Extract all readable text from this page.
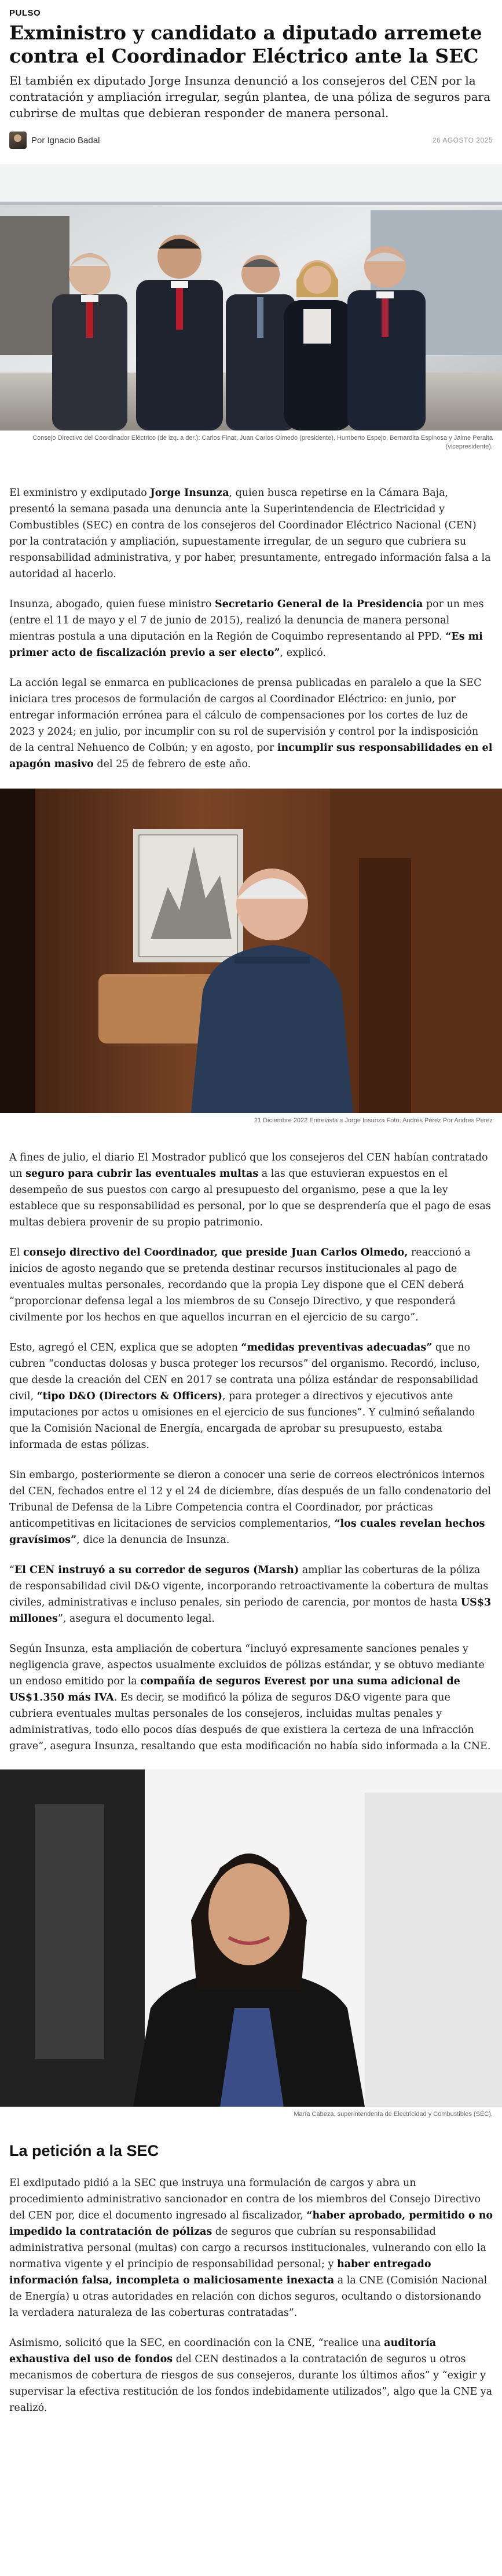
PULSO
Exministro y candidato a diputado arremete contra el Coordinador Eléctrico ante la SEC

El también ex diputado Jorge Insunza denunció a los consejeros del CEN por la contratación y ampliación irregular, según plantea, de una póliza de seguros para cubrirse de multas que debieran responder de manera personal.

Por Ignacio Badal	26 AGOSTO 2025
Consejo Directivo del Coordinador Eléctrico (de izq. a der.): Carlos Finat, Juan Carlos Olmedo (presidente), Humberto Espejo, Bernardita Espinosa y Jaime Peralta (vicepresidente).

El exministro y exdiputado Jorge Insunza, quien busca repetirse en la Cámara Baja, presentó la semana pasada una denuncia ante la Superintendencia de Electricidad y Combustibles (SEC) en contra de los consejeros del Coordinador Eléctrico Nacional (CEN) por la contratación y ampliación, supuestamente irregular, de un seguro que cubriera su responsabilidad administrativa, y por haber, presuntamente, entregado información falsa a la autoridad al hacerlo.

Insunza, abogado, quien fuese ministro Secretario General de la Presidencia por un mes (entre el 11 de mayo y el 7 de junio de 2015), realizó la denuncia de manera personal mientras postula a una diputación en la Región de Coquimbo representando al PPD. “Es mi primer acto de fiscalización previo a ser electo”, explicó.

La acción legal se enmarca en publicaciones de prensa publicadas en paralelo a que la SEC iniciara tres procesos de formulación de cargos al Coordinador Eléctrico: en junio, por entregar información errónea para el cálculo de compensaciones por los cortes de luz de 2023 y 2024; en julio, por incumplir con su rol de supervisión y control por la indisposición de la central Nehuenco de Colbún; y en agosto, por incumplir sus responsabilidades en el apagón masivo del 25 de febrero de este año.

21 Diciembre 2022 Entrevista a Jorge Insunza Foto: Andrés Pérez Por Andres Perez

A fines de julio, el diario El Mostrador publicó que los consejeros del CEN habían contratado un seguro para cubrir las eventuales multas a las que estuvieran expuestos en el desempeño de sus puestos con cargo al presupuesto del organismo, pese a que la ley establece que su responsabilidad es personal, por lo que se desprendería que el pago de esas multas debiera provenir de su propio patrimonio.

El consejo directivo del Coordinador, que preside Juan Carlos Olmedo, reaccionó a inicios de agosto negando que se pretenda destinar recursos institucionales al pago de eventuales multas personales, recordando que la propia Ley dispone que el CEN deberá “proporcionar defensa legal a los miembros de su Consejo Directivo, y que responderá civilmente por los hechos en que aquellos incurran en el ejercicio de su cargo”.

Esto, agregó el CEN, explica que se adopten “medidas preventivas adecuadas” que no cubren “conductas dolosas y busca proteger los recursos” del organismo. Recordó, incluso, que desde la creación del CEN en 2017 se contrata una póliza estándar de responsabilidad civil, “tipo D&O (Directors & Officers), para proteger a directivos y ejecutivos ante imputaciones por actos u omisiones en el ejercicio de sus funciones”. Y culminó señalando que la Comisión Nacional de Energía, encargada de aprobar su presupuesto, estaba informada de estas pólizas.

Sin embargo, posteriormente se dieron a conocer una serie de correos electrónicos internos del CEN, fechados entre el 12 y el 24 de diciembre, días después de un fallo condenatorio del Tribunal de Defensa de la Libre Competencia contra el Coordinador, por prácticas anticompetitivas en licitaciones de servicios complementarios, “los cuales revelan hechos gravísimos”, dice la denuncia de Insunza.

“El CEN instruyó a su corredor de seguros (Marsh) ampliar las coberturas de la póliza de responsabilidad civil D&O vigente, incorporando retroactivamente la cobertura de multas civiles, administrativas e incluso penales, sin periodo de carencia, por montos de hasta US$3 millones”, asegura el documento legal.

Según Insunza, esta ampliación de cobertura “incluyó expresamente sanciones penales y negligencia grave, aspectos usualmente excluidos de pólizas estándar, y se obtuvo mediante un endoso emitido por la compañía de seguros Everest por una suma adicional de US$1.350 más IVA. Es decir, se modificó la póliza de seguros D&O vigente para que cubriera eventuales multas personales de los consejeros, incluidas multas penales y administrativas, todo ello pocos días después de que existiera la certeza de una infracción grave”, asegura Insunza, resaltando que esta modificación no había sido informada a la CNE.

María Cabeza, superintendenta de Electricidad y Combustibles (SEC).
La petición a la SEC

El exdiputado pidió a la SEC que instruya una formulación de cargos y abra un procedimiento administrativo sancionador en contra de los miembros del Consejo Directivo del CEN por, dice el documento ingresado al fiscalizador, “haber aprobado, permitido o no impedido la contratación de pólizas de seguros que cubrían su responsabilidad administrativa personal (multas) con cargo a recursos institucionales, vulnerando con ello la normativa vigente y el principio de responsabilidad personal; y haber entregado información falsa, incompleta o maliciosamente inexacta a la CNE (Comisión Nacional de Energía) u otras autoridades en relación con dichos seguros, ocultando o distorsionando la verdadera naturaleza de las coberturas contratadas”.

Asimismo, solicitó que la SEC, en coordinación con la CNE, “realice una auditoría exhaustiva del uso de fondos del CEN destinados a la contratación de seguros u otros mecanismos de cobertura de riesgos de sus consejeros, durante los últimos años” y “exigir y supervisar la efectiva restitución de los fondos indebidamente utilizados”, algo que la CNE ya realizó.
